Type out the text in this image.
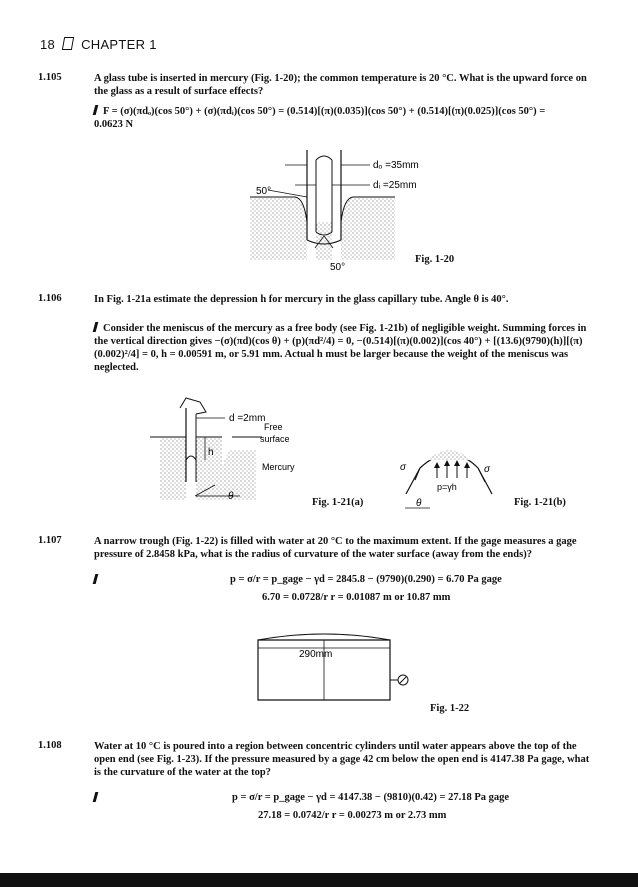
18 CHAPTER 1
1.105	A glass tube is inserted in mercury (Fig. 1-20); the common temperature is 20 °C. What is the upward force on the glass as a result of surface effects?
F = (σ)(πdₒ)(cos 50°) + (σ)(πdᵢ)(cos 50°) = (0.514)[(π)(0.035)](cos 50°) + (0.514)[(π)(0.025)](cos 50°) =
0.0623 N
dₒ =35mm
dᵢ =25mm
50°
50°
d =2mm
Free
surface
Mercury
h
θ
σ	σ
p=γh
θ
290mm
Fig. 1-20
1.106	In Fig. 1-21a estimate the depression h for mercury in the glass capillary tube. Angle θ is 40°.
Consider the meniscus of the mercury as a free body (see Fig. 1-21b) of negligible weight. Summing forces in the vertical direction gives −(σ)(πd)(cos θ) + (p)(πd²/4) = 0, −(0.514)[(π)(0.002)](cos 40°) + [(13.6)(9790)(h)][(π)(0.002)²/4] = 0, h = 0.00591 m, or 5.91 mm. Actual h must be larger because the weight of the meniscus was neglected.
Fig. 1-21(a)	Fig. 1-21(b)
1.107	A narrow trough (Fig. 1-22) is filled with water at 20 °C to the maximum extent. If the gage measures a gage pressure of 2.8458 kPa, what is the radius of curvature of the water surface (away from the ends)?
p = σ/r = p_gage − γd = 2845.8 − (9790)(0.290) = 6.70 Pa gage
6.70 = 0.0728/r r = 0.01087 m or 10.87 mm
Fig. 1-22
1.108	Water at 10 °C is poured into a region between concentric cylinders until water appears above the top of the open end (see Fig. 1-23). If the pressure measured by a gage 42 cm below the open end is 4147.38 Pa gage, what is the curvature of the water at the top?
p = σ/r = p_gage − γd = 4147.38 − (9810)(0.42) = 27.18 Pa gage
27.18 = 0.0742/r r = 0.00273 m or 2.73 mm
